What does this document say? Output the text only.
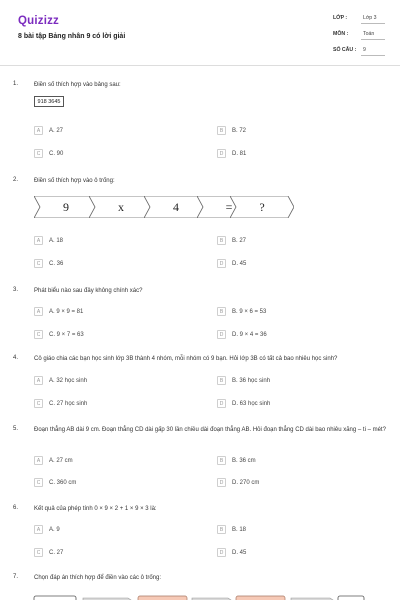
Quizizz
8 bài tập Bảng nhân 9 có lời giải
LỚP :	Lớp 3
MÔN :	Toán
SỐ CÂU : 9
1.	Điền số thích hợp vào bảng sau:
918 3645
A	A. 27	B	B. 72
C	C. 90	D	D. 81
2.	Điền số thích hợp vào ô trống:
9	x	4	=	?
A	A. 18	B	B. 27
C	C. 36	D	D. 45
3.	Phát biểu nào sau đây không chính xác?
A	A. 9 × 9 = 81	B	B. 9 × 6 = 53
C	C. 9 × 7 = 63	D	D. 9 × 4 = 36
4.	Cô giáo chia các bạn học sinh lớp 3B thành 4 nhóm, mỗi nhóm có 9 bạn. Hỏi lớp 3B có tất cả bao nhiêu học sinh?
A	A. 32 học sinh	B	B. 36 học sinh
C	C. 27 học sinh	D	D. 63 học sinh
5.	Đoạn thẳng AB dài 9 cm. Đoạn thẳng CD dài gấp 30 lần chiều dài đoạn thẳng AB. Hỏi đoạn thẳng CD dài bao nhiêu xăng – ti – mét?
A	A. 27 cm	B	B. 36 cm
C	C. 360 cm	D	D. 270 cm
6.	Kết quả của phép tính 0 × 9 × 2 + 1 × 9 × 3 là:
A	A. 9	B	B. 18
C	C. 27	D	D. 45
7.	Chọn đáp án thích hợp để điền vào các ô trống:
